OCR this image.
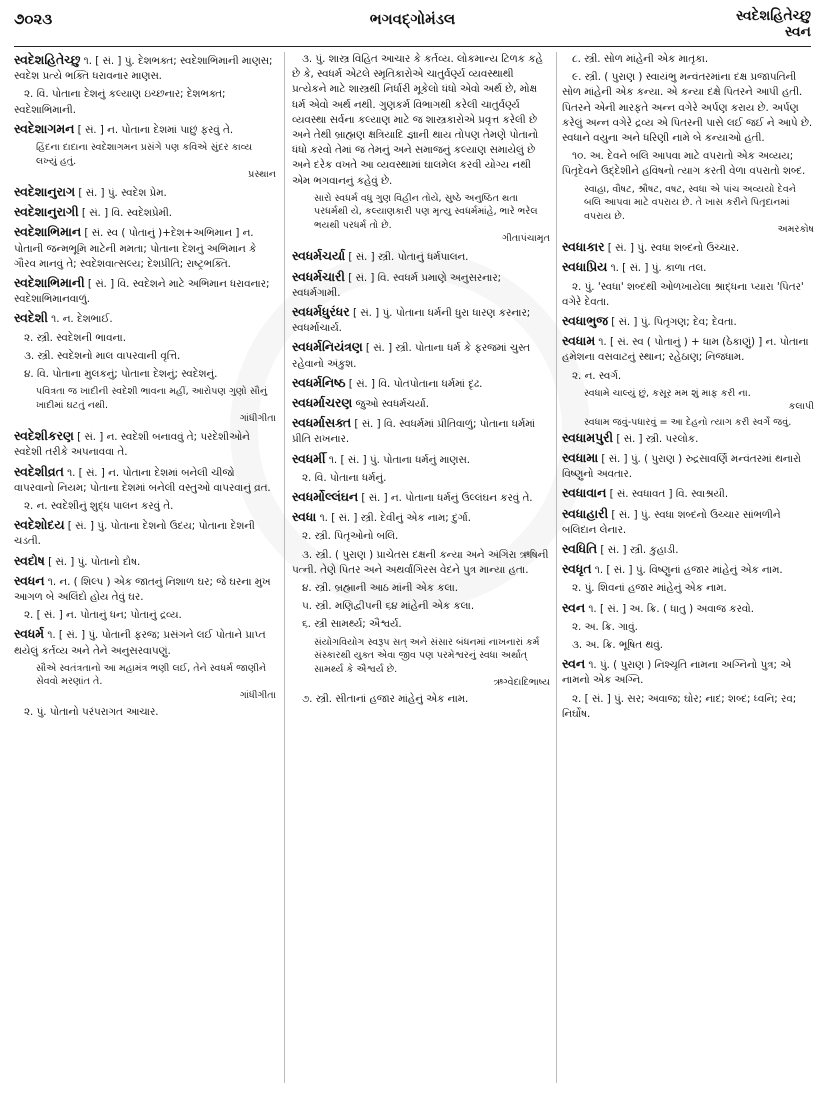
૭૦૨૩	ભગવદ્ગોમંડલ	સ્વદેશહિતેચ્છુ
સ્વન

સ્વદેશહિતેચ્છુ ૧. [ સં. ] પું. દેશભક્ત; સ્વદેશાભિમાની માણસ; સ્વદેશ પ્રત્યે ભક્તિ ધરાવનાર માણસ.

૨. વિ. પોતાના દેશનું કલ્યાણ ઇચ્છનાર; દેશભક્ત; સ્વદેશાભિમાની.

સ્વદેશાગમન [ સં. ] ન. પોતાના દેશમાં પાછું ફરવું તે.

હિંદના દાદાના સ્વદેશાગમન પ્રસંગે પણ કવિએ સુંદર કાવ્ય લખ્યું હતું.

પ્રસ્થાન

સ્વદેશાનુરાગ [ સં. ] પું. સ્વદેશ પ્રેમ.

સ્વદેશાનુરાગી [ સં. ] વિ. સ્વદેશપ્રેમી.

સ્વદેશાભિમાન [ સં. સ્વ ( પોતાનું )+દેશ+અભિમાન ] ન. પોતાની જન્મભૂમિ માટેની મમતા; પોતાના દેશનું અભિમાન કે ગૌરવ માનવું તે; સ્વદેશવાત્સલ્ય; દેશપ્રીતિ; રાષ્ટ્રભક્તિ.

સ્વદેશાભિમાની [ સં. ] વિ. સ્વદેશને માટે અભિમાન ધરાવનાર; સ્વદેશાભિમાનવાળું.

સ્વદેશી ૧. ન. દેશભાઈ.

૨. સ્ત્રી. સ્વદેશની ભાવના.

૩. સ્ત્રી. સ્વદેશનો માલ વાપરવાની વૃત્તિ.

૪. વિ. પોતાના મુલકનું; પોતાના દેશનું; સ્વદેશનું.

પવિત્રતા જ ખાદીની સ્વદેશી ભાવના મહીં, આરોપણ ગુણો સૌનું ખાદીમાં ઘટતું નથી.

ગાંધીગીતા

સ્વદેશીકરણ [ સં. ] ન. સ્વદેશી બનાવવું તે; પરદેશીઓને સ્વદેશી તરીકે અપનાવવા તે.

સ્વદેશીવ્રત ૧. [ સં. ] ન. પોતાના દેશમાં બનેલી ચીજો વાપરવાનો નિયમ; પોતાના દેશમાં બનેલી વસ્તુઓ વાપરવાનું વ્રત.

૨. ન. સ્વદેશીનું શુદ્ધ પાલન કરવું તે.

સ્વદેશોદય [ સં. ] પું. પોતાના દેશનો ઉદય; પોતાના દેશની ચડતી.

સ્વદોષ [ સં. ] પું. પોતાનો દોષ.

સ્વધન ૧. ન. ( શિલ્પ ) એક જાતનું નિશાળ ઘર; જે ઘરના મુખ આગળ બે અલિંદો હોય તેવું ઘર.

૨. [ સં. ] ન. પોતાનું ધન; પોતાનું દ્રવ્ય.

સ્વધર્મ ૧. [ સં. ] પું. પોતાની ફરજ; પ્રસંગને લઈ પોતાને પ્રાપ્ત થયેલું કર્તવ્ય અને તેને અનુસરવાપણું.

સૌએ સ્વતંત્રતાનો આ મહામંત્ર ભણી લઈ, તેને સ્વધર્મ જાણીને સેવવો મરણાંત તે.

ગાંધીગીતા

૨. પું. પોતાનો પરંપરાગત આચાર.

૩. પું. શાસ્ત્ર વિહિત આચાર કે કર્તવ્ય. લોકમાન્ય ટિળક કહે છે કે, સ્વધર્મ એટલે સ્મૃતિકારોએ ચાતુર્વર્ણ્ય વ્યવસ્થાથી પ્રત્યેકને માટે શાસ્ત્રથી નિર્ધારી મૂકેલો ધંધો એવો અર્થ છે, મોક્ષ ધર્મ એવો અર્થ નથી. ગુણકર્મ વિભાગથી કરેલી ચાતુર્વર્ણ્ય વ્યવસ્થા સર્વના કલ્યાણ માટે જ શાસ્ત્રકારોએ પ્રવૃત્ત કરેલી છે અને તેથી બ્રાહ્મણ ક્ષત્રિયાદિ જ્ઞાની થાય તોપણ તેમણે પોતાનો ધંધો કરવો તેમાં જ તેમનું અને સમાજનું કલ્યાણ સમાયેલું છે અને દરેક વખતે આ વ્યવસ્થામાં ઘાલમેલ કરવી યોગ્ય નથી એમ ભગવાનનું કહેવું છે.

સારો સ્વધર્મ વધુ ગુણ વિહીન તોયે, સુષ્ઠે અનુષ્ઠિત થતા પરધર્મથી યે, કલ્યાણકારી પણ મૃત્યુ સ્વધર્મમાંહે, ભારે ભરેલ ભયથી પરધર્મ તો છે.

ગીતાપંચામૃત

સ્વધર્મચર્યા [ સં. ] સ્ત્રી. પોતાનું ધર્મપાલન.

સ્વધર્મચારી [ સં. ] વિ. સ્વધર્મ પ્રમાણે અનુસરનાર; સ્વધર્મગામી.

સ્વધર્મધુરંધર [ સં. ] પું. પોતાના ધર્મની ધુરા ધારણ કરનાર; સ્વધર્માચાર્ય.

સ્વધર્મનિયંત્રણ [ સં. ] સ્ત્રી. પોતાના ધર્મ કે ફરજમાં ચુસ્ત રહેવાનો અંકુશ.

સ્વધર્મનિષ્ઠ [ સં. ] વિ. પોતપોતાના ધર્મમાં દૃઢ.

સ્વધર્માચરણ જુઓ સ્વધર્મચર્યા.

સ્વધર્માસક્ત [ સં. ] વિ. સ્વધર્મમાં પ્રીતિવાળું; પોતાના ધર્મમાં પ્રીતિ રાખનાર.

સ્વધર્મી ૧. [ સં. ] પું. પોતાના ધર્મનું માણસ.

૨. વિ. પોતાના ધર્મનું.

સ્વધર્મોલ્લંઘન [ સં. ] ન. પોતાના ધર્મનું ઉલ્લંઘન કરવું તે.

સ્વધા ૧. [ સં. ] સ્ત્રી. દેવીનું એક નામ; દુર્ગા.

૨. સ્ત્રી. પિતૃઓનો બલિ.

૩. સ્ત્રી. ( પુરાણ ) પ્રાચેતસ દક્ષની કન્યા અને અંગિરા ઋષિની પત્ની. તેણે પિતર અને અથર્વાંગિરસ વેદને પુત્ર માન્યા હતા.

૪. સ્ત્રી. બ્રહ્માની આઠ માંની એક કલા.

૫. સ્ત્રી. મણિદ્વીપની ૬૪ માંહેની એક કલા.

૬. સ્ત્રી સામર્થ્ય; ઐશ્વર્ય.

સંયોગવિયોગ સ્વરૂપ સત્ અને સંસાર બંધનમાં નાખનારાં કર્મ સંસ્કારથી યુક્ત એવા જીવ પણ પરમેશ્વરનું સ્વધા અર્થાત્ સામર્થ્ય કે ઐશ્વર્ય છે.

ઋગ્વેદાદિભાષ્ય

૭. સ્ત્રી. સીતાનાં હજાર માંહેનું એક નામ.

૮. સ્ત્રી. સોળ માંહેની એક માતૃકા.

૯. સ્ત્રી. ( પુરાણ ) સ્વાયંભુ મન્વંતરમાંના દક્ષ પ્રજાપતિની સોળ માંહેની એક કન્યા. એ કન્યા દક્ષે પિતરને આપી હતી. પિતરને એની મારફતે અન્ન વગેરે અર્પણ કરાય છે. અર્પણ કરેલું અન્ન વગેરે દ્રવ્ય એ પિતરની પાસે લઈ જઈ ને આપે છે. સ્વધાને વયુના અને ધરિણી નામે બે કન્યાઓ હતી.

૧૦. અ. દેવને બલિ આપવા માટે વપરાતો એક અવ્યય; પિતૃદેવને ઉદ્દેશીને હવિષનો ત્યાગ કરતી વેળા વપરાતો શબ્દ.

સ્વાહા, વૌષટ, શ્રૌષટ, વષટ, સ્વધા એ પાંચ અવ્યયો દેવને બલિ આપવા માટે વપરાય છે. તે ખાસ કરીને પિતૃદાનમાં વપરાય છે.

અમરકોષ

સ્વધાકાર [ સં. ] પું. સ્વધા શબ્દનો ઉચ્ચાર.

સ્વધાપ્રિય ૧. [ સં. ] પું. કાળા તલ.

૨. પું. 'સ્વધા' શબ્દથી ઓળખાયેલા શ્રાદ્ધના પ્યારા 'પિતર' વગેરે દેવતા.

સ્વધાભુજ [ સં. ] પું. પિતૃગણ; દેવ; દેવતા.

સ્વધામ ૧. [ સં. સ્વ ( પોતાનું ) + ધામ (ઠેકાણું) ] ન. પોતાના હમેશના વસવાટનું સ્થાન; રહેઠાણ; નિજધામ.

૨. ન. સ્વર્ગ.

સ્વધામે ચાલ્યું છું, કસૂર મમ શું માફ કરી ના.

કલાપી

સ્વધામ જવું-પધારવું = આ દેહનો ત્યાગ કરી સ્વર્ગે જવું.

સ્વધામપુરી [ સં. ] સ્ત્રી. પરલોક.

સ્વધામા [ સં. ] પું. ( પુરાણ ) રુદ્રસાવર્ણિ મન્વંતરમાં થનારો વિષ્ણુનો અવતાર.

સ્વધાવાન [ સં. સ્વધાવત ] વિ. સ્વાશ્રયી.

સ્વધાહારી [ સં. ] પું. સ્વધા શબ્દનો ઉચ્ચાર સાંભળીને બલિદાન લેનાર.

સ્વધિતિ [ સં. ] સ્ત્રી. કુહાડી.

સ્વધૃત ૧. [ સં. ] પું. વિષ્ણુનાં હજાર માંહેનું એક નામ.

૨. પું. શિવનાં હજાર માંહેનું એક નામ.

સ્વન ૧. [ સં. ] અ. ક્રિ. ( ધાતુ ) અવાજ કરવો.

૨. અ. ક્રિ. ગાવું.

૩. અ. ક્રિ. ભૂષિત થવું.

સ્વન ૧. પું. ( પુરાણ ) નિશ્ચૃતિ નામના અગ્નિનો પુત્ર; એ નામનો એક અગ્નિ.

૨. [ સં. ] પું. સર; અવાજ; ઘોર; નાદ; શબ્દ; ધ્વનિ; રવ; નિર્ઘોષ.
